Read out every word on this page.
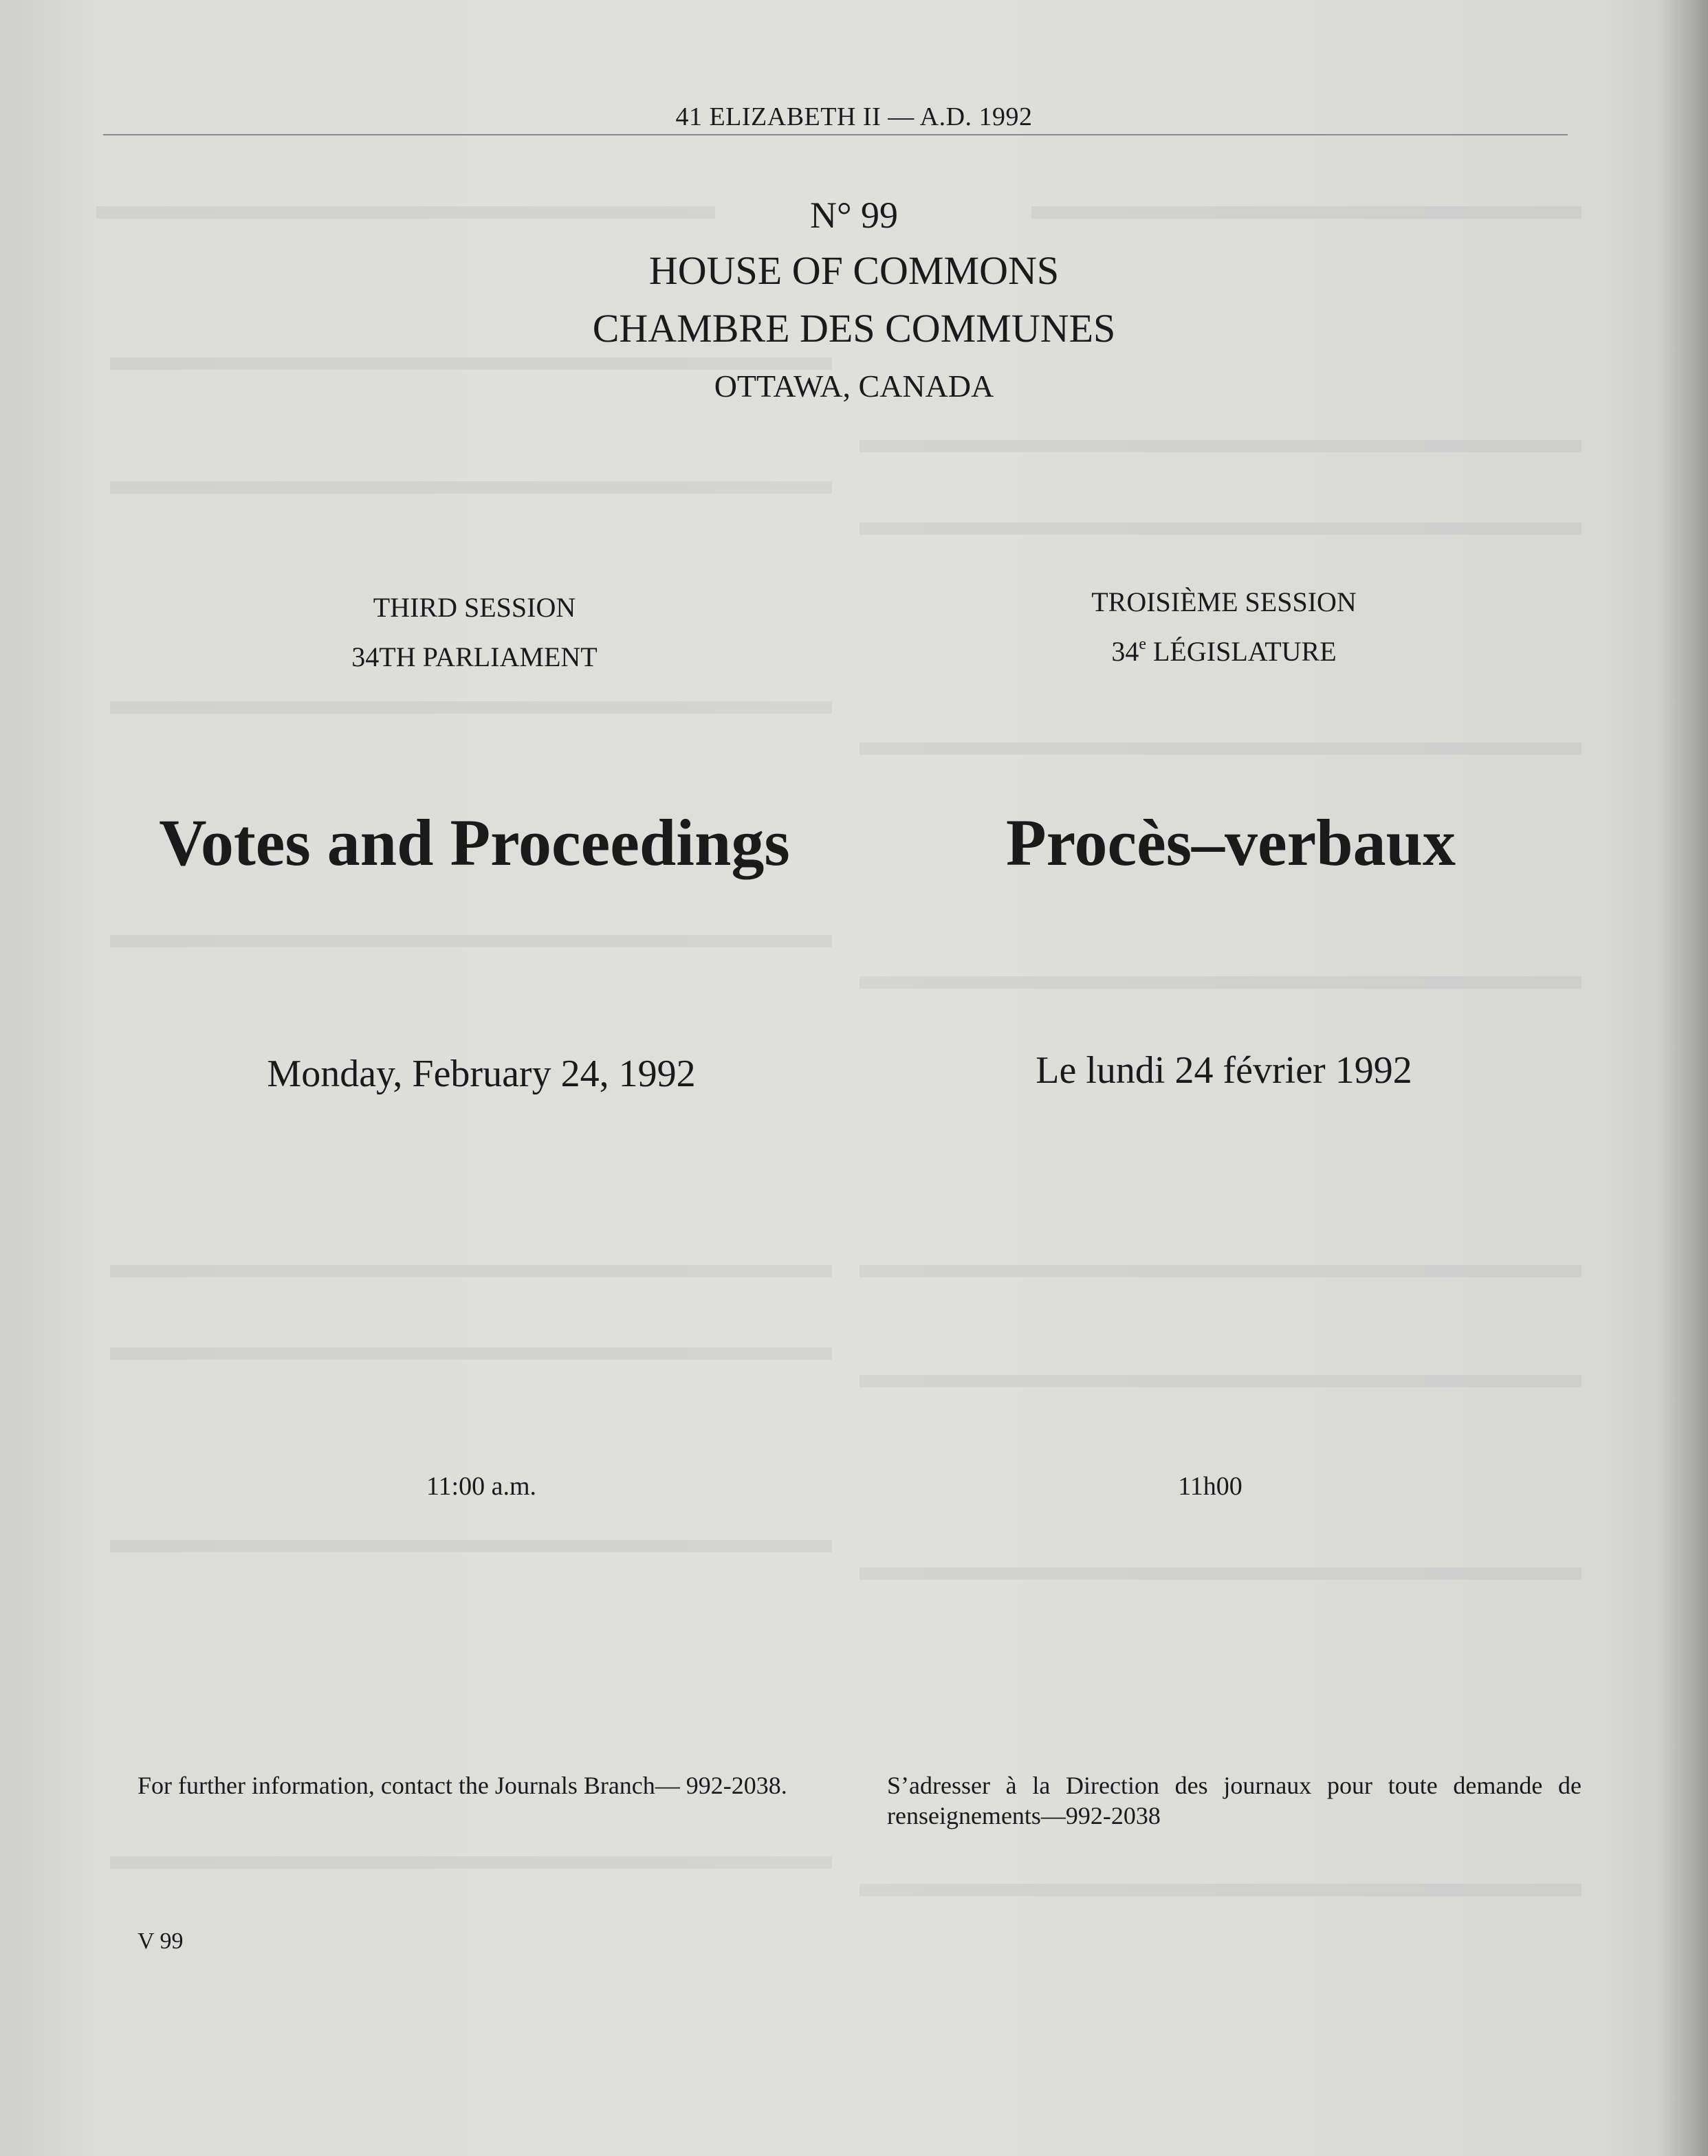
41 ELIZABETH II — A.D. 1992
N° 99
HOUSE OF COMMONS
CHAMBRE DES COMMUNES
OTTAWA, CANADA
THIRD SESSION
34TH PARLIAMENT
TROISIÈME SESSION
34e LÉGISLATURE
Votes and Proceedings	Procès–verbaux
Monday, February 24, 1992	Le lundi 24 février 1992
11:00 a.m.	11h00
For further information, contact the Journals Branch— 992-2038.	S’adresser à la Direction des journaux pour toute demande de renseignements—992-2038
V 99
